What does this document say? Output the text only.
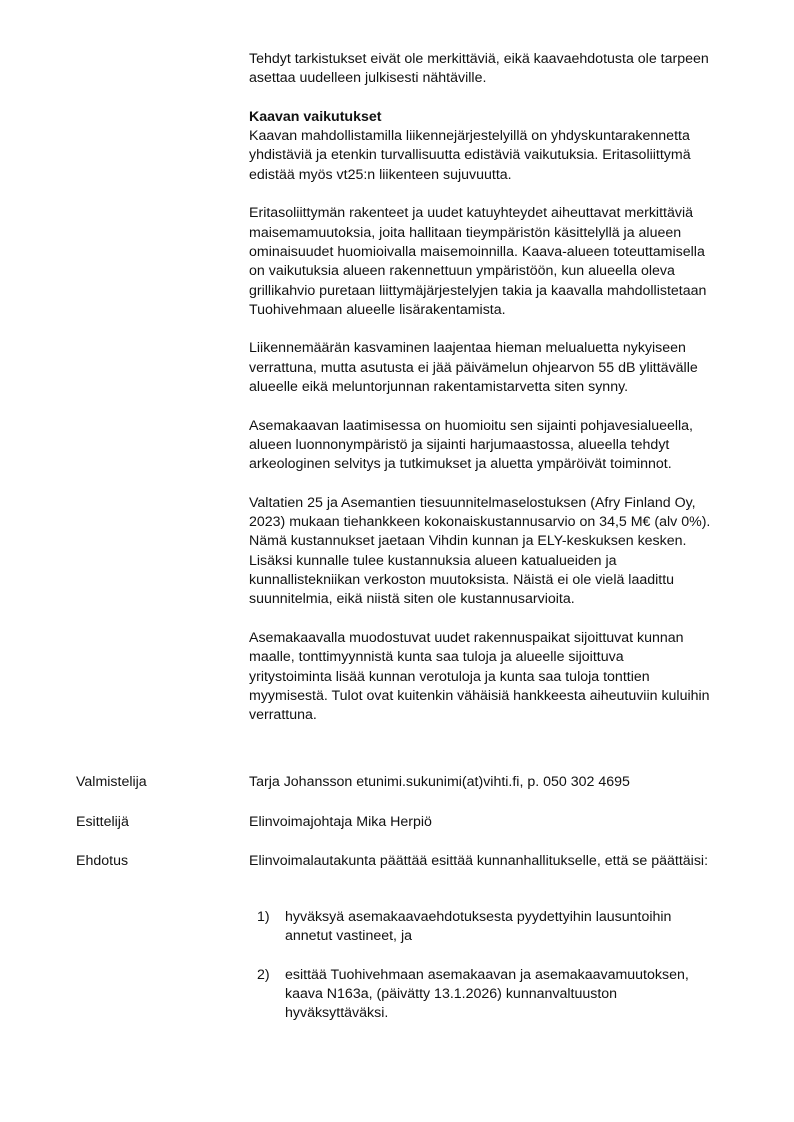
Tehdyt tarkistukset eivät ole merkittäviä, eikä kaavaehdotusta ole tarpeen
asettaa uudelleen julkisesti nähtäville.

Kaavan vaikutukset
Kaavan mahdollistamilla liikennejärjestelyillä on yhdyskuntarakennetta
yhdistäviä ja etenkin turvallisuutta edistäviä vaikutuksia. Eritasoliittymä
edistää myös vt25:n liikenteen sujuvuutta.

Eritasoliittymän rakenteet ja uudet katuyhteydet aiheuttavat merkittäviä
maisemamuutoksia, joita hallitaan tieympäristön käsittelyllä ja alueen
ominaisuudet huomioivalla maisemoinnilla. Kaava-alueen toteuttamisella
on vaikutuksia alueen rakennettuun ympäristöön, kun alueella oleva
grillikahvio puretaan liittymäjärjestelyjen takia ja kaavalla mahdollistetaan
Tuohivehmaan alueelle lisärakentamista.

Liikennemäärän kasvaminen laajentaa hieman melualuetta nykyiseen
verrattuna, mutta asutusta ei jää päivämelun ohjearvon 55 dB ylittävälle
alueelle eikä meluntorjunnan rakentamistarvetta siten synny.

Asemakaavan laatimisessa on huomioitu sen sijainti pohjavesialueella,
alueen luonnonympäristö ja sijainti harjumaastossa, alueella tehdyt
arkeologinen selvitys ja tutkimukset ja aluetta ympäröivät toiminnot.

Valtatien 25 ja Asemantien tiesuunnitelmaselostuksen (Afry Finland Oy,
2023) mukaan tiehankkeen kokonaiskustannusarvio on 34,5 M€ (alv 0%).
Nämä kustannukset jaetaan Vihdin kunnan ja ELY-keskuksen kesken.
Lisäksi kunnalle tulee kustannuksia alueen katualueiden ja
kunnallistekniikan verkoston muutoksista. Näistä ei ole vielä laadittu
suunnitelmia, eikä niistä siten ole kustannusarvioita.

Asemakaavalla muodostuvat uudet rakennuspaikat sijoittuvat kunnan
maalle, tonttimyynnistä kunta saa tuloja ja alueelle sijoittuva
yritystoiminta lisää kunnan verotuloja ja kunta saa tuloja tonttien
myymisestä. Tulot ovat kuitenkin vähäisiä hankkeesta aiheutuviin kuluihin
verrattuna.

Valmistelija	Tarja Johansson etunimi.sukunimi(at)vihti.fi, p. 050 302 4695
Esittelijä	Elinvoimajohtaja Mika Herpiö
Ehdotus	Elinvoimalautakunta päättää esittää kunnanhallitukselle, että se päättäisi:
1) hyväksyä asemakaavaehdotuksesta pyydettyihin lausuntoihin
annetut vastineet, ja
2) esittää Tuohivehmaan asemakaavan ja asemakaavamuutoksen,
kaava N163a, (päivätty 13.1.2026) kunnanvaltuuston
hyväksyttäväksi.
